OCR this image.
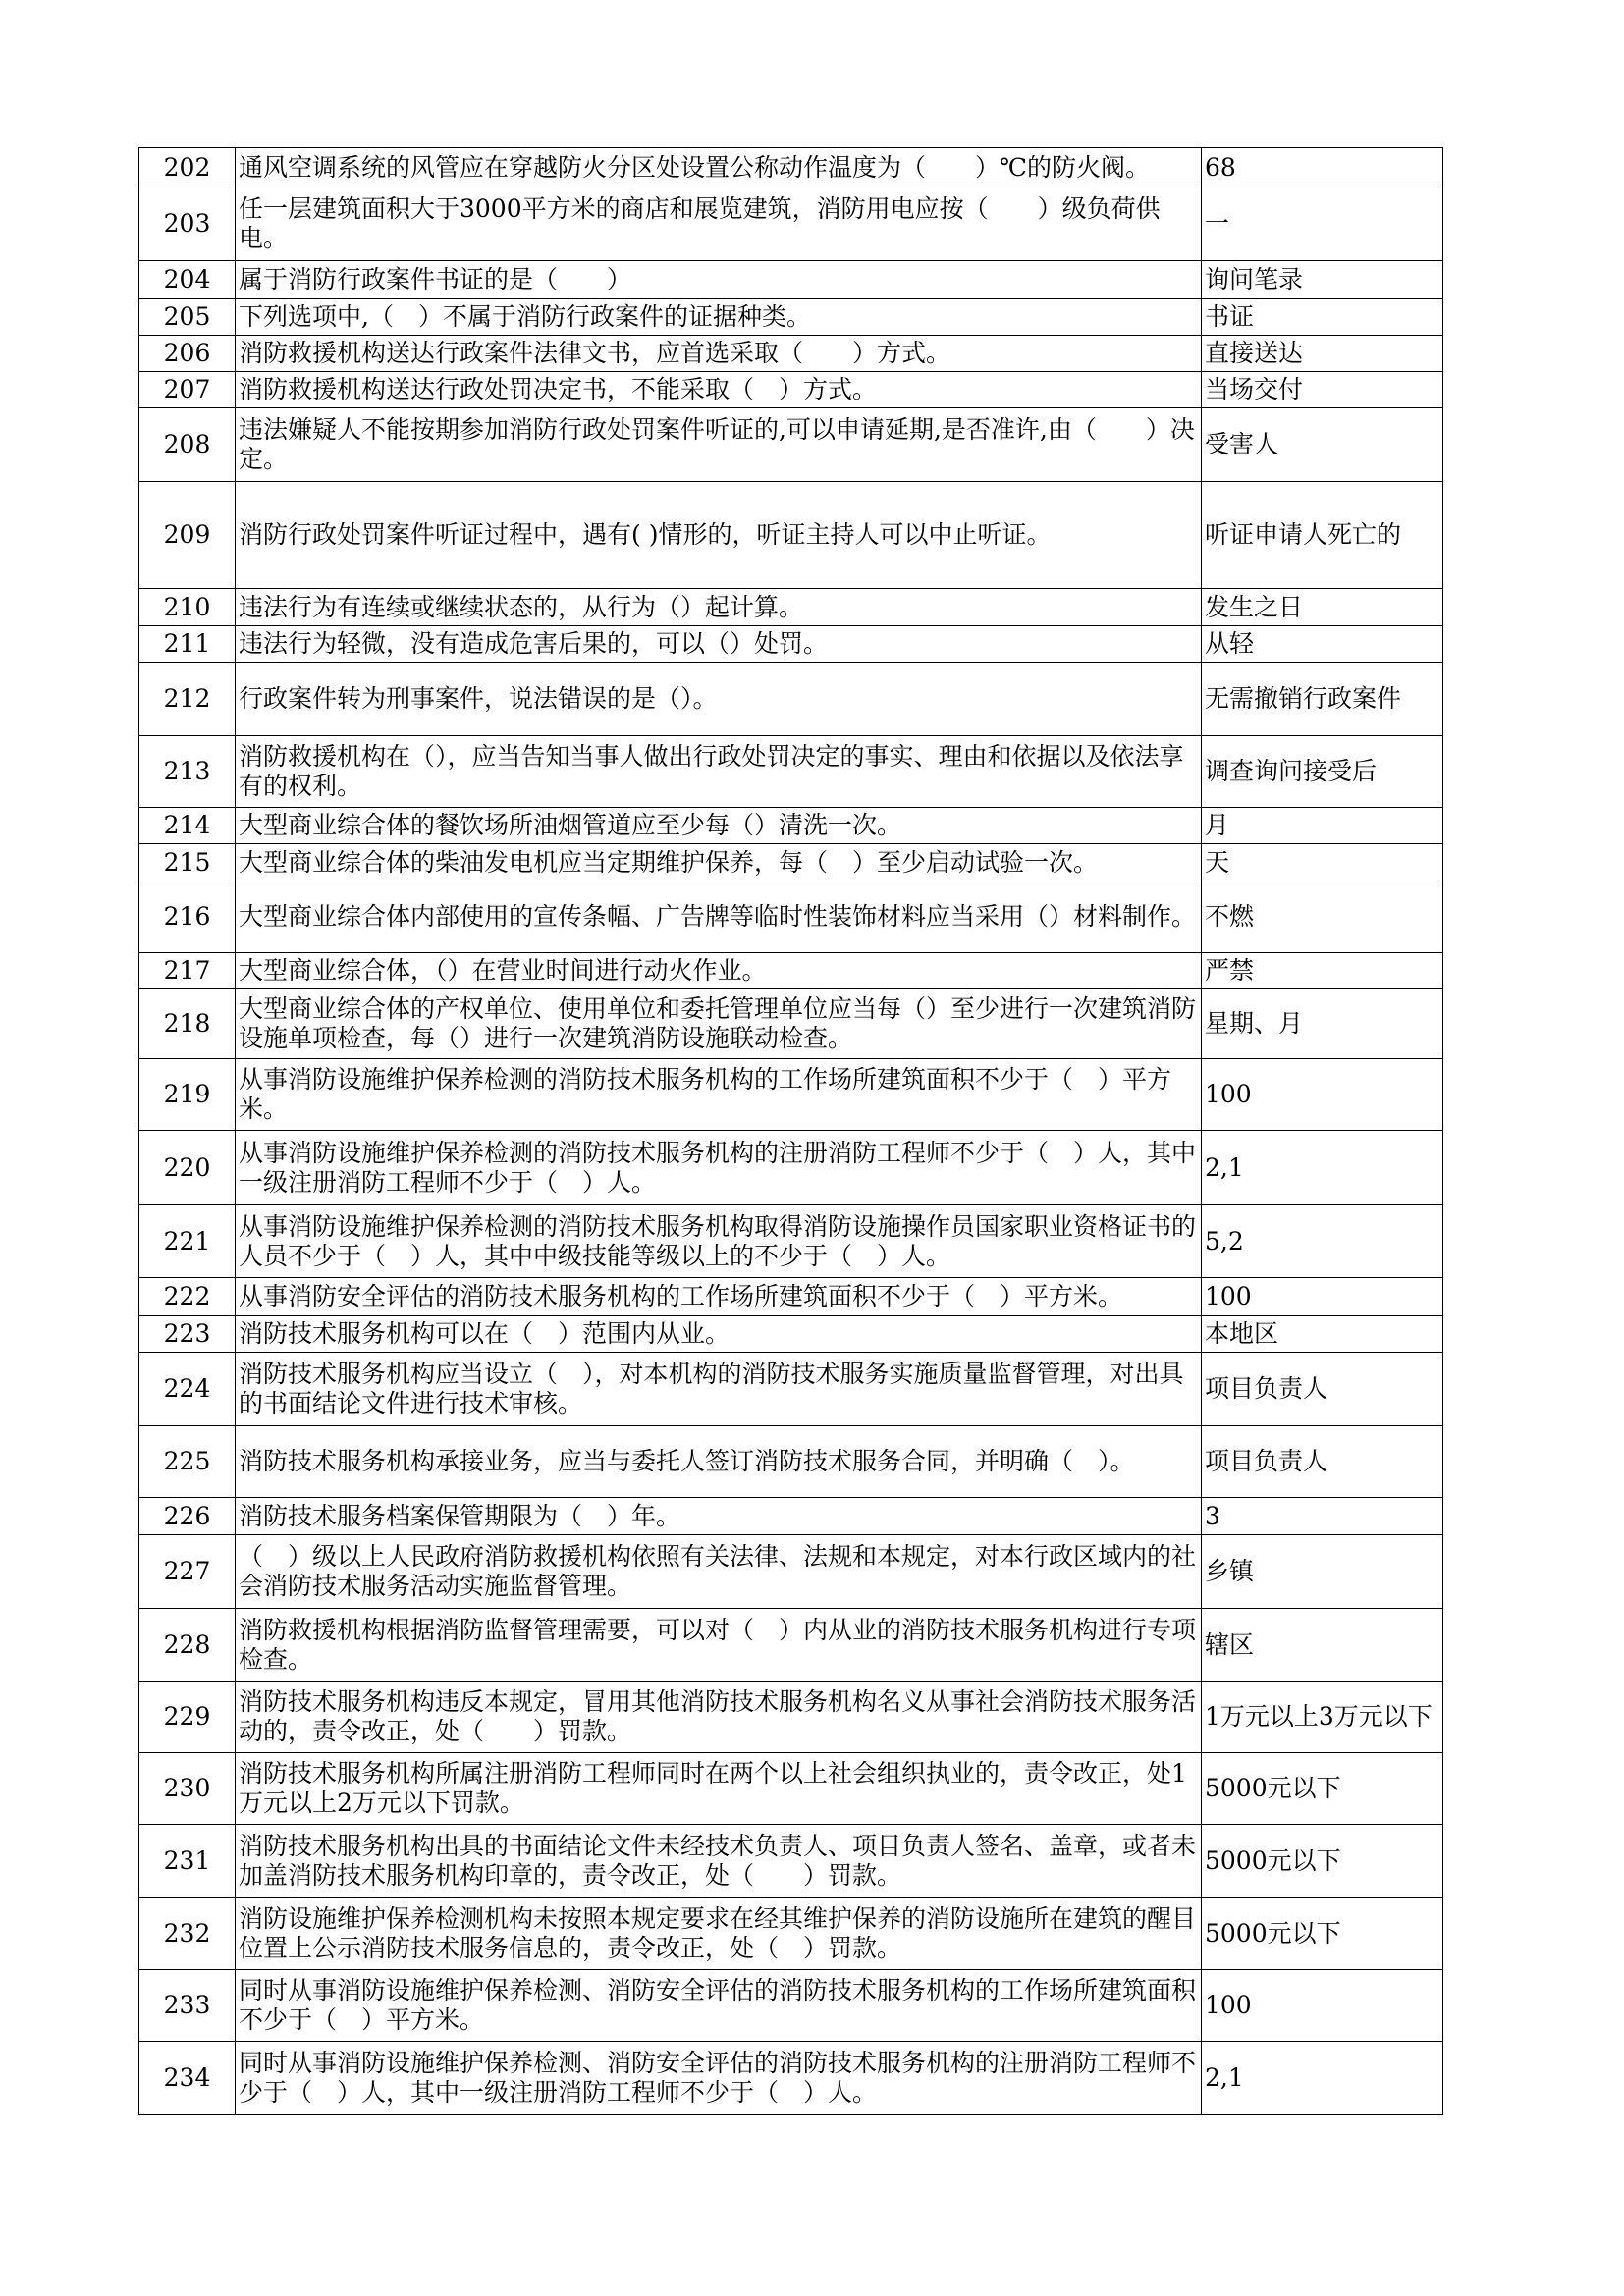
202	通风空调系统的风管应在穿越防火分区处设置公称动作温度为（　　）℃的防火阀。	68
203	任一层建筑面积大于3000平方米的商店和展览建筑，消防用电应按（　　）级负荷供电。	一
204	属于消防行政案件书证的是（　　）	询问笔录
205	下列选项中,（　）不属于消防行政案件的证据种类。	书证
206	消防救援机构送达行政案件法律文书，应首选采取（　　）方式。	直接送达
207	消防救援机构送达行政处罚决定书，不能采取（　）方式。	当场交付
208	违法嫌疑人不能按期参加消防行政处罚案件听证的,可以申请延期,是否准许,由（　　）决定。	受害人
209	消防行政处罚案件听证过程中，遇有( )情形的，听证主持人可以中止听证。	听证申请人死亡的
210	违法行为有连续或继续状态的，从行为（）起计算。	发生之日
211	违法行为轻微，没有造成危害后果的，可以（）处罚。	从轻
212	行政案件转为刑事案件，说法错误的是（）。	无需撤销行政案件
213	消防救援机构在（），应当告知当事人做出行政处罚决定的事实、理由和依据以及依法享有的权利。	调查询问接受后
214	大型商业综合体的餐饮场所油烟管道应至少每（）清洗一次。	月
215	大型商业综合体的柴油发电机应当定期维护保养，每（　）至少启动试验一次。	天
216	大型商业综合体内部使用的宣传条幅、广告牌等临时性装饰材料应当采用（）材料制作。	不燃
217	大型商业综合体，（）在营业时间进行动火作业。	严禁
218	大型商业综合体的产权单位、使用单位和委托管理单位应当每（）至少进行一次建筑消防设施单项检查，每（）进行一次建筑消防设施联动检查。	星期、月
219	从事消防设施维护保养检测的消防技术服务机构的工作场所建筑面积不少于（　）平方米。	100
220	从事消防设施维护保养检测的消防技术服务机构的注册消防工程师不少于（　）人，其中一级注册消防工程师不少于（　）人。	2,1
221	从事消防设施维护保养检测的消防技术服务机构取得消防设施操作员国家职业资格证书的人员不少于（　）人，其中中级技能等级以上的不少于（　）人。	5,2
222	从事消防安全评估的消防技术服务机构的工作场所建筑面积不少于（　）平方米。	100
223	消防技术服务机构可以在（　）范围内从业。	本地区
224	消防技术服务机构应当设立（　），对本机构的消防技术服务实施质量监督管理，对出具的书面结论文件进行技术审核。	项目负责人
225	消防技术服务机构承接业务，应当与委托人签订消防技术服务合同，并明确（　）。	项目负责人
226	消防技术服务档案保管期限为（　）年。	3
227	（　）级以上人民政府消防救援机构依照有关法律、法规和本规定，对本行政区域内的社会消防技术服务活动实施监督管理。	乡镇
228	消防救援机构根据消防监督管理需要，可以对（　）内从业的消防技术服务机构进行专项检查。	辖区
229	消防技术服务机构违反本规定，冒用其他消防技术服务机构名义从事社会消防技术服务活动的，责令改正，处（　　）罚款。	1万元以上3万元以下
230	消防技术服务机构所属注册消防工程师同时在两个以上社会组织执业的，责令改正，处1万元以上2万元以下罚款。	5000元以下
231	消防技术服务机构出具的书面结论文件未经技术负责人、项目负责人签名、盖章，或者未加盖消防技术服务机构印章的，责令改正，处（　　）罚款。	5000元以下
232	消防设施维护保养检测机构未按照本规定要求在经其维护保养的消防设施所在建筑的醒目位置上公示消防技术服务信息的，责令改正，处（　）罚款。	5000元以下
233	同时从事消防设施维护保养检测、消防安全评估的消防技术服务机构的工作场所建筑面积不少于（　）平方米。	100
234	同时从事消防设施维护保养检测、消防安全评估的消防技术服务机构的注册消防工程师不少于（　）人，其中一级注册消防工程师不少于（　）人。	2,1
